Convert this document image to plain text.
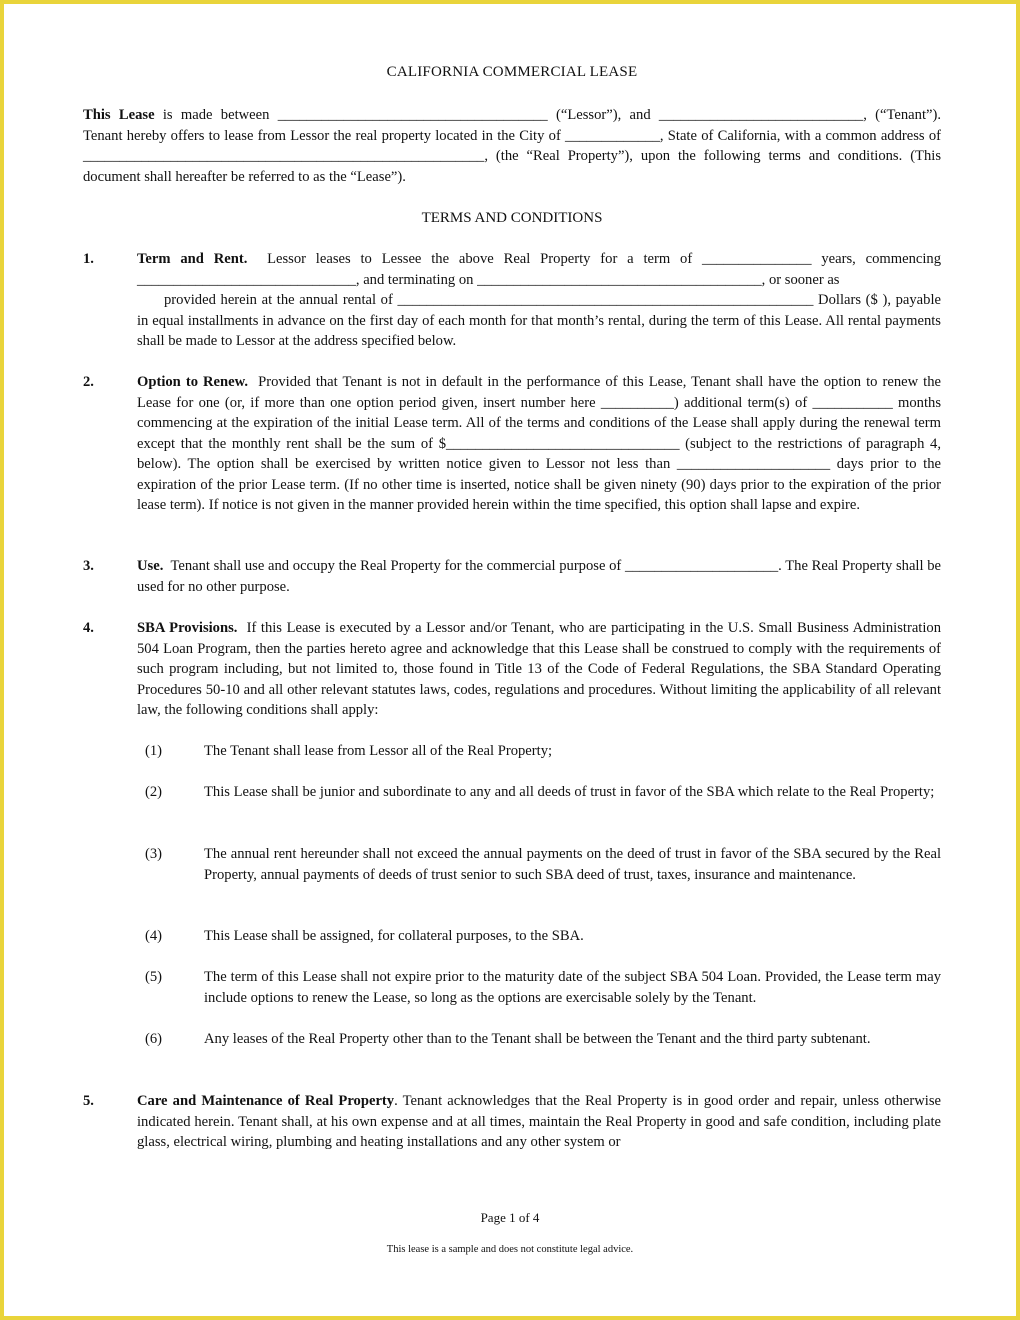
CALIFORNIA COMMERCIAL LEASE
This Lease is made between _____________________________________ (“Lessor”), and ____________________________, (“Tenant”). Tenant hereby offers to lease from Lessor the real property located in the City of _____________, State of California, with a common address of _______________________________________________________, (the “Real Property”), upon the following terms and conditions. (This document shall hereafter be referred to as the “Lease”).
TERMS AND CONDITIONS
1.	Term and Rent. Lessor leases to Lessee the above Real Property for a term of _______________ years, commencing ______________________________, and terminating on _______________________________________, or sooner as
provided herein at the annual rental of _________________________________________________________ Dollars ($ ), payable in equal installments in advance on the first day of each month for that month’s rental, during the term of this Lease. All rental payments shall be made to Lessor at the address specified below.
2.	Option to Renew. Provided that Tenant is not in default in the performance of this Lease, Tenant shall have the option to renew the Lease for one (or, if more than one option period given, insert number here __________) additional term(s) of ___________ months commencing at the expiration of the initial Lease term. All of the terms and conditions of the Lease shall apply during the renewal term except that the monthly rent shall be the sum of $________________________________ (subject to the restrictions of paragraph 4, below). The option shall be exercised by written notice given to Lessor not less than _____________________ days prior to the expiration of the prior Lease term. (If no other time is inserted, notice shall be given ninety (90) days prior to the expiration of the prior lease term). If notice is not given in the manner provided herein within the time specified, this option shall lapse and expire.
3.	Use. Tenant shall use and occupy the Real Property for the commercial purpose of _____________________. The Real Property shall be used for no other purpose.
4.	SBA Provisions. If this Lease is executed by a Lessor and/or Tenant, who are participating in the U.S. Small Business Administration 504 Loan Program, then the parties hereto agree and acknowledge that this Lease shall be construed to comply with the requirements of such program including, but not limited to, those found in Title 13 of the Code of Federal Regulations, the SBA Standard Operating Procedures 50-10 and all other relevant statutes laws, codes, regulations and procedures. Without limiting the applicability of all relevant law, the following conditions shall apply:
(1)	The Tenant shall lease from Lessor all of the Real Property;
(2)	This Lease shall be junior and subordinate to any and all deeds of trust in favor of the SBA which relate to the Real Property;
(3)	The annual rent hereunder shall not exceed the annual payments on the deed of trust in favor of the SBA secured by the Real Property, annual payments of deeds of trust senior to such SBA deed of trust, taxes, insurance and maintenance.
(4)	This Lease shall be assigned, for collateral purposes, to the SBA.
(5)	The term of this Lease shall not expire prior to the maturity date of the subject SBA 504 Loan. Provided, the Lease term may include options to renew the Lease, so long as the options are exercisable solely by the Tenant.
(6)	Any leases of the Real Property other than to the Tenant shall be between the Tenant and the third party subtenant.
5.	Care and Maintenance of Real Property. Tenant acknowledges that the Real Property is in good order and repair, unless otherwise indicated herein. Tenant shall, at his own expense and at all times, maintain the Real Property in good and safe condition, including plate glass, electrical wiring, plumbing and heating installations and any other system or
Page 1 of 4
This lease is a sample and does not constitute legal advice.
